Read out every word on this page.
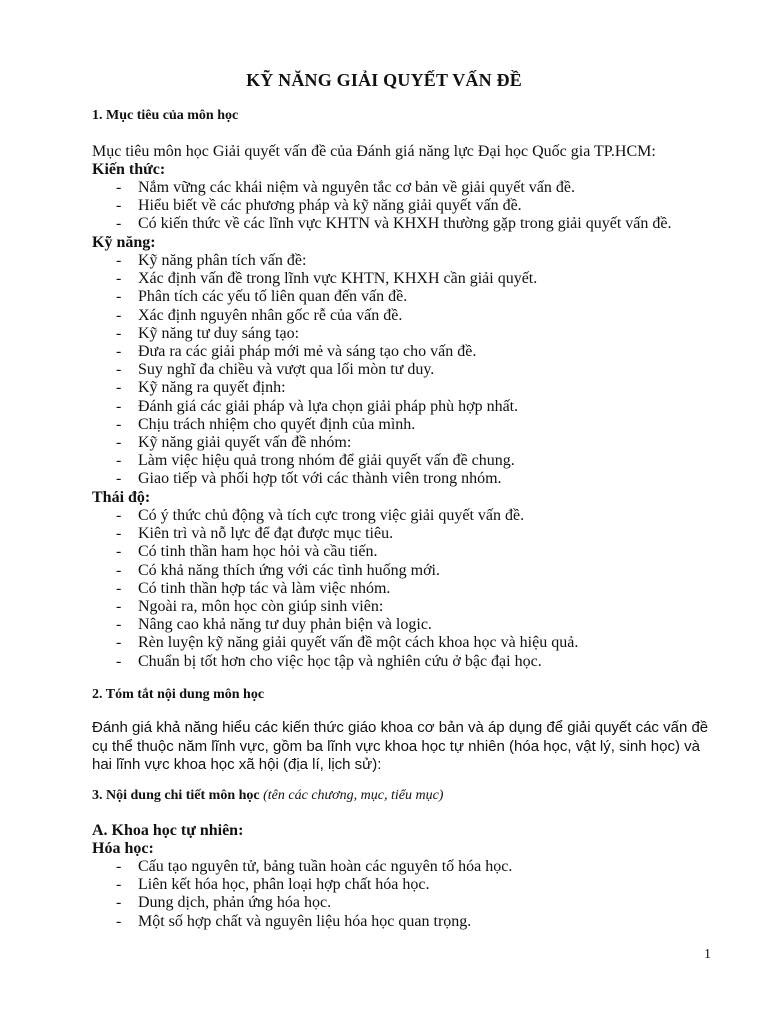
KỸ NĂNG GIẢI QUYẾT VẤN ĐỀ
1. Mục tiêu của môn học
Mục tiêu môn học Giải quyết vấn đề của Đánh giá năng lực Đại học Quốc gia TP.HCM:
Kiến thức:
- Nắm vững các khái niệm và nguyên tắc cơ bản về giải quyết vấn đề.
- Hiểu biết về các phương pháp và kỹ năng giải quyết vấn đề.
- Có kiến thức về các lĩnh vực KHTN và KHXH thường gặp trong giải quyết vấn đề.
Kỹ năng:
- Kỹ năng phân tích vấn đề:
- Xác định vấn đề trong lĩnh vực KHTN, KHXH cần giải quyết.
- Phân tích các yếu tố liên quan đến vấn đề.
- Xác định nguyên nhân gốc rễ của vấn đề.
- Kỹ năng tư duy sáng tạo:
- Đưa ra các giải pháp mới mẻ và sáng tạo cho vấn đề.
- Suy nghĩ đa chiều và vượt qua lối mòn tư duy.
- Kỹ năng ra quyết định:
- Đánh giá các giải pháp và lựa chọn giải pháp phù hợp nhất.
- Chịu trách nhiệm cho quyết định của mình.
- Kỹ năng giải quyết vấn đề nhóm:
- Làm việc hiệu quả trong nhóm để giải quyết vấn đề chung.
- Giao tiếp và phối hợp tốt với các thành viên trong nhóm.
Thái độ:
- Có ý thức chủ động và tích cực trong việc giải quyết vấn đề.
- Kiên trì và nỗ lực để đạt được mục tiêu.
- Có tinh thần ham học hỏi và cầu tiến.
- Có khả năng thích ứng với các tình huống mới.
- Có tinh thần hợp tác và làm việc nhóm.
- Ngoài ra, môn học còn giúp sinh viên:
- Nâng cao khả năng tư duy phản biện và logic.
- Rèn luyện kỹ năng giải quyết vấn đề một cách khoa học và hiệu quả.
- Chuẩn bị tốt hơn cho việc học tập và nghiên cứu ở bậc đại học.
2. Tóm tắt nội dung môn học
Đánh giá khả năng hiểu các kiến thức giáo khoa cơ bản và áp dụng để giải quyết các vấn đề cụ thể thuộc năm lĩnh vực, gồm ba lĩnh vực khoa học tự nhiên (hóa học, vật lý, sinh học) và hai lĩnh vực khoa học xã hội (địa lí, lịch sử):
3. Nội dung chi tiết môn học (tên các chương, mục, tiểu mục)
A. Khoa học tự nhiên:
Hóa học:
- Cấu tạo nguyên tử, bảng tuần hoàn các nguyên tố hóa học.
- Liên kết hóa học, phân loại hợp chất hóa học.
- Dung dịch, phản ứng hóa học.
- Một số hợp chất và nguyên liệu hóa học quan trọng.
1
